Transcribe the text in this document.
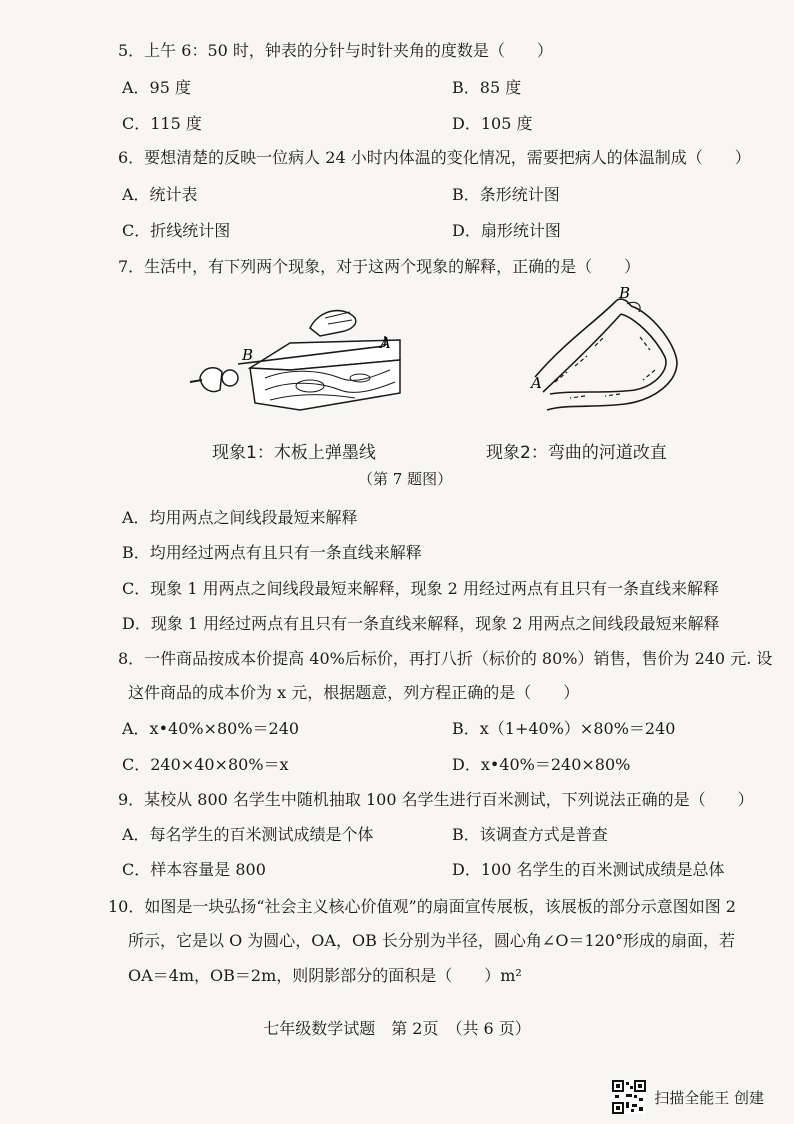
5．上午 6：50 时，钟表的分针与时针夹角的度数是（　　）
A．95 度	B．85 度
C．115 度	D．105 度
6．要想清楚的反映一位病人 24 小时内体温的变化情况，需要把病人的体温制成（　　）
A．统计表	B．条形统计图
C．折线统计图	D．扇形统计图
7．生活中，有下列两个现象，对于这两个现象的解释，正确的是（　　）
B
A
B
A
现象1：木板上弹墨线	现象2：弯曲的河道改直
（第 7 题图）
A．均用两点之间线段最短来解释
B．均用经过两点有且只有一条直线来解释
C．现象 1 用两点之间线段最短来解释，现象 2 用经过两点有且只有一条直线来解释
D．现象 1 用经过两点有且只有一条直线来解释，现象 2 用两点之间线段最短来解释
8．一件商品按成本价提高 40%后标价，再打八折（标价的 80%）销售，售价为 240 元. 设
这件商品的成本价为 x 元，根据题意，列方程正确的是（　　）
A．x•40%×80%＝240	B．x（1+40%）×80%＝240
C．240×40×80%＝x	D．x•40%＝240×80%
9．某校从 800 名学生中随机抽取 100 名学生进行百米测试，下列说法正确的是（　　）
A．每名学生的百米测试成绩是个体	B．该调查方式是普查
C．样本容量是 800	D．100 名学生的百米测试成绩是总体
10．如图是一块弘扬“社会主义核心价值观”的扇面宣传展板，该展板的部分示意图如图 2
所示，它是以 O 为圆心，OA，OB 长分别为半径，圆心角∠O＝120°形成的扇面，若
OA＝4m，OB＝2m，则阴影部分的面积是（　　）m²
七年级数学试题　第 2页　（共 6 页）
扫描全能王 创建
